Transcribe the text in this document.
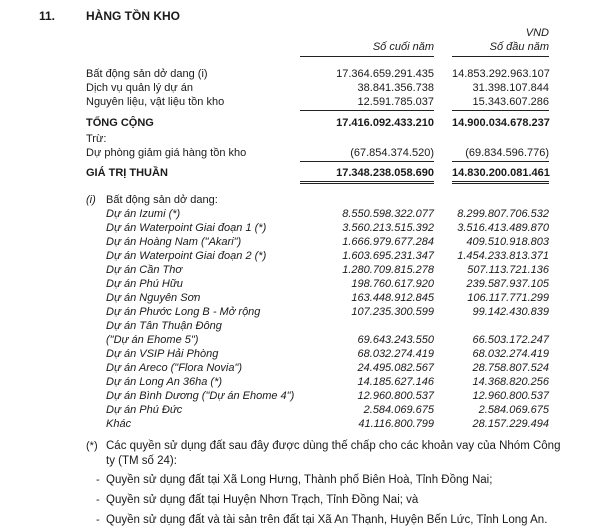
11.	HÀNG TỒN KHO
VND
Số cuối năm	Số đầu năm
Bất động sản dở dang (i)	17.364.659.291.435 14.853.292.963.107
Dịch vụ quản lý dự án	38.841.356.738	31.398.107.844
Nguyên liệu, vật liệu tồn kho	12.591.785.037	15.343.607.286
TỔNG CỘNG	17.416.092.433.210 14.900.034.678.237
Trừ:
Dự phòng giảm giá hàng tồn kho	(67.854.374.520)	(69.834.596.776)
GIÁ TRỊ THUẦN	17.348.238.058.690 14.830.200.081.461
(i) Bất động sản dở dang:
Dự án Izumi (*)	8.550.598.322.077	8.299.807.706.532
Dự án Waterpoint Giai đoạn 1 (*)	3.560.213.515.392	3.516.413.489.870
Dự án Hoàng Nam ("Akari")	1.666.979.677.284	409.510.918.803
Dự án Waterpoint Giai đoạn 2 (*)	1.603.695.231.347	1.454.233.813.371
Dự án Cần Thơ	1.280.709.815.278	507.113.721.136
Dự án Phú Hữu	198.760.617.920	239.587.937.105
Dự án Nguyên Sơn	163.448.912.845	106.117.771.299
Dự án Phước Long B - Mở rộng	107.235.300.599	99.142.430.839
Dự án Tân Thuận Đông
("Dự án Ehome 5")	69.643.243.550	66.503.172.247
Dự án VSIP Hải Phòng	68.032.274.419	68.032.274.419
Dự án Areco ("Flora Novia")	24.495.082.567	28.758.807.524
Dự án Long An 36ha (*)	14.185.627.146	14.368.820.256
Dự án Bình Dương ("Dự án Ehome 4")	12.960.800.537	12.960.800.537
Dự án Phú Đức	2.584.069.675	2.584.069.675
Khác	41.116.800.799	28.157.229.494
(*) Các quyền sử dụng đất sau đây được dùng thế chấp cho các khoản vay của Nhóm Công
ty (TM số 24):
- Quyền sử dụng đất tại Xã Long Hưng, Thành phố Biên Hoà, Tỉnh Đồng Nai;
- Quyền sử dụng đất tại Huyện Nhơn Trạch, Tỉnh Đồng Nai; và
- Quyền sử dụng đất và tài sản trên đất tại Xã An Thạnh, Huyện Bến Lức, Tỉnh Long An.
